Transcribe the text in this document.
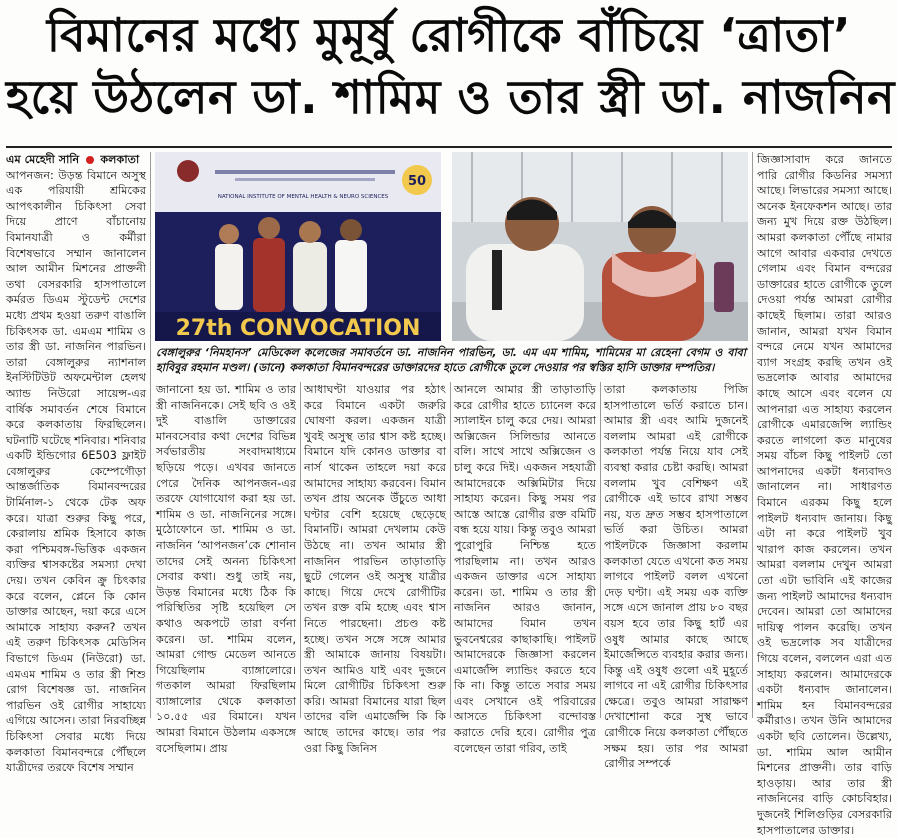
বিমানের মধ্যে মুমূর্ষু রোগীকে বাঁচিয়ে ‘ত্রাতা’
হয়ে উঠলেন ডা. শামিম ও তার স্ত্রী ডা. নাজনিন

এম মেহেদী সানি কলকাতা

আপনজন: উড়ন্ত বিমানে অসুস্থ এক পরিযায়ী শ্রমিকের আপৎকালীন চিকিৎসা সেবা দিয়ে প্রাণে বাঁচানোয় বিমানযাত্রী ও কর্মীরা বিশেষভাবে সম্মান জানালেন আল আমীন মিশনের প্রাক্তনী তথা বেসরকারি হাসপাতালে কর্মরত ডিএম স্টুডেন্ট দেশের মধ্যে প্রথম হওয়া তরুণ বাঙালি চিকিৎসক ডা. এমএম শামিম ও তার স্ত্রী ডা. নাজনিন পারভিন। তারা বেঙ্গালুরুর ন্যাশনাল ইনস্টিটিউট অফমেন্টাল হেলথ অ্যান্ড নিউরো সায়েন্স-এর বার্ষিক সমাবর্তন শেষে বিমানে করে কলকাতায় ফিরছিলেন। ঘটনাটি ঘটেছে শনিবার। শনিবার একটি ইন্ডিগোর 6E503 ফ্লাইট বেঙ্গালুরুর কেম্পেগৌড়া আন্তর্জাতিক বিমানবন্দরের টার্মিনাল-১ থেকে টেক অফ করে। যাত্রা শুরুর কিছু পরে, কেরালায় শ্রমিক হিসাবে কাজ করা পশ্চিমবঙ্গ-ভিত্তিক একজন ব্যক্তির শ্বাসকষ্টের সমস্যা দেখা দেয়। তখন কেবিন ক্রু চিৎকার করে বলেন, প্লেনে কি কোন ডাক্তার আছেন, দয়া করে এসে আমাকে সাহায্য করুন? তখন এই তরুণ চিকিৎসক মেডিসিন বিভাগে ডিএম (নিউরো) ডা. এমএম শামিম ও তার স্ত্রী শিশু রোগ বিশেষজ্ঞ ডা. নাজনিন পারভিন ওই রোগীর সাহায্যে এগিয়ে আসেন। তারা নিরবচ্ছিন্ন চিকিৎসা সেবার মধ্যে দিয়ে কলকাতা বিমানবন্দরে পৌঁছলে যাত্রীদের তরফে বিশেষ সম্মান

NATIONAL INSTITUTE OF MENTAL HEALTH & NEURO SCIENCES
50
27th CONVOCATION
বেঙ্গালুরুর ‘নিমহানস’ মেডিকেল কলেজের সমাবর্তনে ডা. নাজনিন পারভিন, ডা. এম এম শামিম, শামিমের মা রেহেনা বেগম ও বাবা হাবিবুর রহমান মণ্ডল। (ডানে) কলকাতা বিমানবন্দরের ডাক্তারদের হাতে রোগীকে তুলে দেওয়ার পর স্বস্তির হাসি ডাক্তার দম্পতির।

জানানো হয় ডা. শামিম ও তার স্ত্রী নাজনিনকে। সেই ছবি ও ওই দুই বাঙালি ডাক্তারের মানবসেবার কথা দেশের বিভিন্ন সর্বভারতীয় সংবাদমাধ্যমে ছড়িয়ে পড়ে। এখবর জানতে পেরে দৈনিক আপনজন-এর তরফে যোগাযোগ করা হয় ডা. শামিম ও ডা. নাজনিনের সঙ্গে। মুঠোফোনে ডা. শামিম ও ডা. নাজনিন ‘আপনজন’কে শোনান তাদের সেই অনন্য চিকিৎসা সেবার কথা। শুধু তাই নয়, উড়ন্ত বিমানের মধ্যে ঠিক কি পরিস্থিতির সৃষ্টি হয়েছিল সে কথাও অকপটে তারা বর্ণনা করেন। ডা. শামিম বলেন, আমরা গোল্ড মেডেল আনতে গিয়েছিলাম ব্যাঙ্গালোরে। গতকাল আমরা ফিরছিলাম ব্যাঙ্গালোর থেকে কলকাতা ১০.৫৫ এর বিমানে। যখন আমরা বিমানে উঠলাম একসঙ্গে বসেছিলাম। প্রায়

আধাঘণ্টা যাওয়ার পর হঠাৎ করে বিমানে একটা জরুরি ঘোষণা করল। একজন যাত্রী খুবই অসুস্থ তার শ্বাস কষ্ট হচ্ছে। বিমানে যদি কোনও ডাক্তার বা নার্স থাকেন তাহলে দয়া করে আমাদের সাহায্য করবেন। বিমান তখন প্রায় অনেক উঁচুতে আধা ঘণ্টার বেশি হয়েছে ছেড়েছে বিমানটি। আমরা দেখলাম কেউ উঠছে না। তখন আমার স্ত্রী নাজনিন পারভিন তাড়াতাড়ি ছুটে গেলেন ওই অসুস্থ যাত্রীর কাছে। গিয়ে দেখে রোগীটির তখন রক্ত বমি হচ্ছে এবং শ্বাস নিতে পারছেনা। প্রচণ্ড কষ্ট হচ্ছে। তখন সঙ্গে সঙ্গে আমার স্ত্রী আমাকে জানায় বিষয়টা। তখন আমিও যাই এবং দুজনে মিলে রোগীটির চিকিৎসা শুরু করি। আমরা বিমানের যারা ছিল তাদের বলি এমার্জেন্সি কি কি আছে তাদের কাছে। তার পর ওরা কিছু জিনিস

আনলে আমার স্ত্রী তাড়াতাড়ি করে রোগীর হাতে চ্যানেল করে স্যালাইন চালু করে দেয়। আমরা অক্সিজেন সিলিন্ডার আনতে বলি। সাথে সাথে অক্সিজেন ও চালু করে দিই। একজন সহযাত্রী আমাদেরকে অক্সিমিটার দিয়ে সাহায্য করেন। কিছু সময় পর আস্তে আস্তে রোগীর রক্ত বমিটি বন্ধ হয়ে যায়। কিন্তু তবুও আমরা পুরোপুরি নিশ্চিন্ত হতে পারছিলাম না। তখন আরও একজন ডাক্তার এসে সাহায্য করেন। ডা. শামিম ও তার স্ত্রী নাজনিন আরও জানান, আমাদের বিমান তখন ভুবনেশ্বরের কাছাকাছি। পাইলট আমাদেরকে জিজ্ঞাসা করলেন এমার্জেন্সি ল্যান্ডিং করতে হবে কি না। কিন্তু তাতে সবার সময় এবং সেখানে ওই পরিবারের আসতে চিকিৎসা বন্দোবস্ত করাতে দেরি হবে। রোগীর পুত্র বলেছেন তারা গরিব, তাই

তারা কলকাতায় পিজি হাসপাতালে ভর্তি করাতে চান। আমার স্ত্রী এবং আমি দুজনেই বললাম আমরা এই রোগীকে কলকাতা পর্যন্ত নিয়ে যাব সেই ব্যবস্থা করার চেষ্টা করছি। আমরা বললাম খুব বেশিক্ষণ এই রোগীকে এই ভাবে রাখা সম্ভব নয়, যত দ্রুত সম্ভব হাসপাতালে ভর্তি করা উচিত। আমরা পাইলটকে জিজ্ঞাসা করলাম কলকাতা যেতে এখনো কত সময় লাগবে পাইলট বলল এখনো দেড় ঘণ্টা। এই সময় এক ব্যক্তি সঙ্গে এসে জানাল প্রায় ৮০ বছর বয়স হবে তার কিছু হার্ট এর ওষুধ আমার কাছে আছে ইমার্জেন্সিতে ব্যবহার করার জন্য। কিন্তু এই ওষুধ গুলো এই মুহূর্তে লাগবে না এই রোগীর চিকিৎসার ক্ষেত্রে। তবুও আমরা সারাক্ষণ দেখাশোনা করে সুস্থ ভাবে রোগীকে নিয়ে কলকাতা পৌঁছতে সক্ষম হয়। তার পর আমরা রোগীর সম্পর্কে

জিজ্ঞাসাবাদ করে জানতে পারি রোগীর কিডনির সমস্যা আছে। লিভারের সমস্যা আছে। অনেক ইনফেকশন আছে। তার জন্য মুখ দিয়ে রক্ত উঠছিল। আমরা কলকাতা পৌঁছে নামার আগে আবার একবার দেখতে গেলাম এবং বিমান বন্দরের ডাক্তারের হাতে রোগীকে তুলে দেওয়া পর্যন্ত আমরা রোগীর কাছেই ছিলাম। তারা আরও জানান, আমরা যখন বিমান বন্দরে নেমে যখন আমাদের ব্যাগ সংগ্রহ করছি তখন ওই ভদ্রলোক আবার আমাদের কাছে আসে এবং বলেন যে আপনারা এত সাহায্য করলেন রোগীকে এমারজেন্সি ল্যান্ডিং করতে লাগলো কত মানুষের সময় বাঁচল কিছু পাইলট তো আপনাদের একটা ধন্যবাদও জানালেন না। সাধারণত বিমানে এরকম কিছু হলে পাইলট ধন্যবাদ জানায়। কিছু এটা না করে পাইলট খুব খারাপ কাজ করলেন। তখন আমরা বললাম দেখুন আমরা তো এটা ভাবিনি এই কাজের জন্য পাইলট আমাদের ধন্যবাদ দেবেন। আমরা তো আমাদের দায়িত্ব পালন করেছি। তখন ওই ভদ্রলোক সব যাত্রীদের গিয়ে বলেন, বললেন এরা এত সাহায্য করলেন। আমাদেরকে একটা ধন্যবাদ জানালেন। শামিম হন বিমানবন্দরের কর্মীরাও। তখন উনি আমাদের একটা ছবি তোলেন। উল্লেখ্য, ডা. শামিম আল আমীন মিশনের প্রাক্তনী। তার বাড়ি হাওড়ায়। আর তার স্ত্রী নাজনিনের বাড়ি কোচবিহার। দুজনেই শিলিগুড়ির বেসরকারি হাসপাতালের ডাক্তার।
